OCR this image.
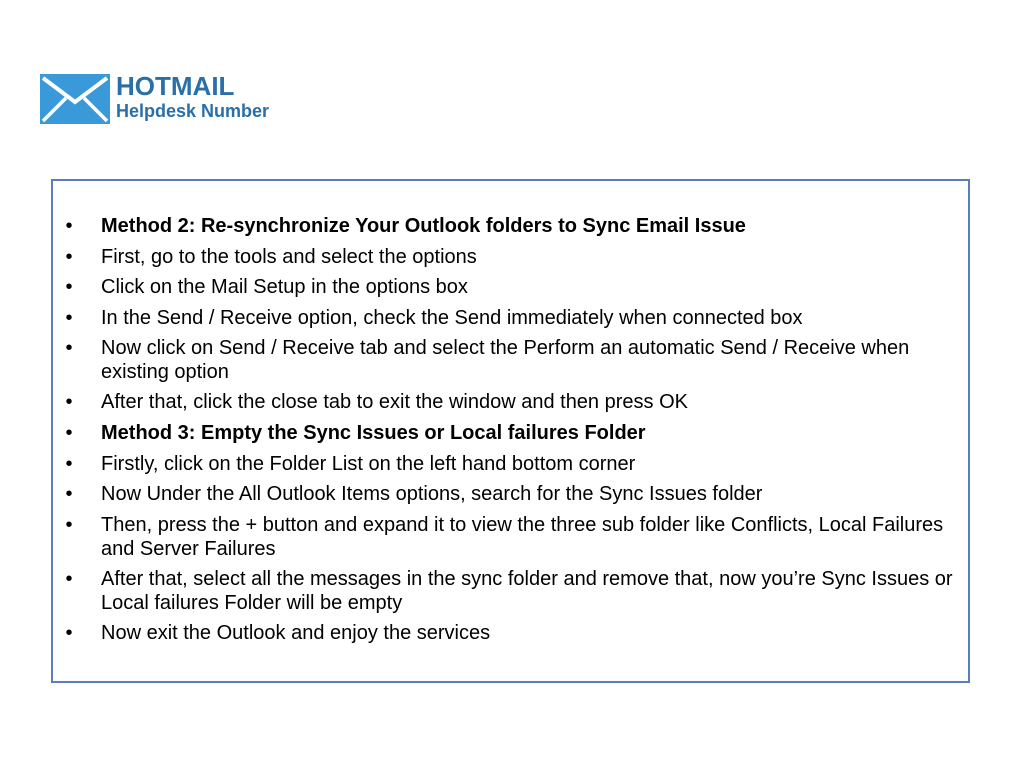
HOTMAIL
Helpdesk Number
• Method 2: Re-synchronize Your Outlook folders to Sync Email Issue
• First, go to the tools and select the options
• Click on the Mail Setup in the options box
• In the Send / Receive option, check the Send immediately when connected box
• Now click on Send / Receive tab and select the Perform an automatic Send / Receive when existing option
• After that, click the close tab to exit the window and then press OK
• Method 3: Empty the Sync Issues or Local failures Folder
• Firstly, click on the Folder List on the left hand bottom corner
• Now Under the All Outlook Items options, search for the Sync Issues folder
• Then, press the + button and expand it to view the three sub folder like Conflicts, Local Failures and Server Failures
• After that, select all the messages in the sync folder and remove that, now you’re Sync Issues or Local failures Folder will be empty
• Now exit the Outlook and enjoy the services
